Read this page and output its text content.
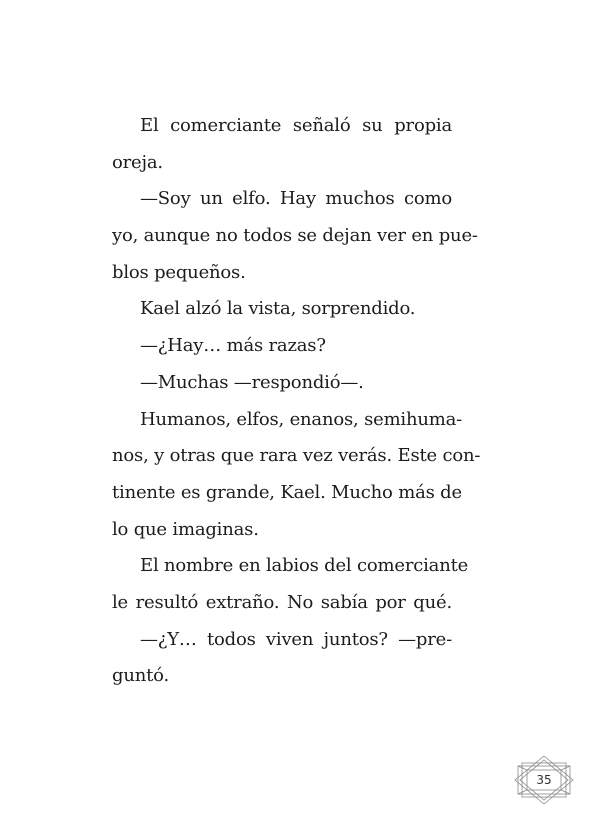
El comerciante señaló su propia
oreja.
—Soy un elfo. Hay muchos como
yo, aunque no todos se dejan ver en pue-
blos pequeños.
Kael alzó la vista, sorprendido.
—¿Hay… más razas?
—Muchas —respondió—.
Humanos, elfos, enanos, semihuma-
nos, y otras que rara vez verás. Este con-
tinente es grande, Kael. Mucho más de
lo que imaginas.
El nombre en labios del comerciante
le resultó extraño. No sabía por qué.
—¿Y… todos viven juntos? —pre-
guntó.
35
